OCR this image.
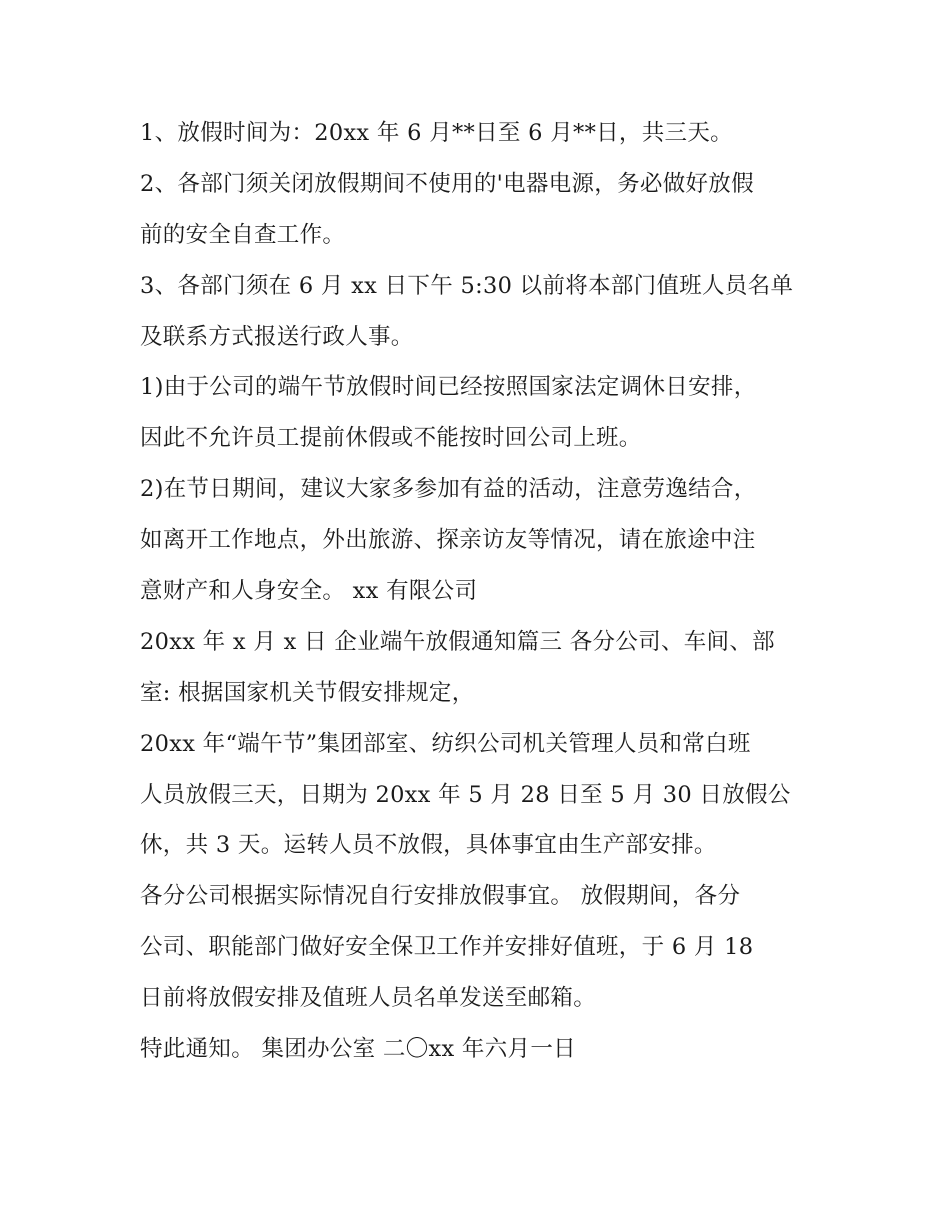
1、放假时间为：20xx 年 6 月**日至 6 月**日，共三天。
2、各部门须关闭放假期间不使用的'电器电源，务必做好放假
前的安全自查工作。
3、各部门须在 6 月 xx 日下午 5:30 以前将本部门值班人员名单
及联系方式报送行政人事。
1)由于公司的端午节放假时间已经按照国家法定调休日安排，
因此不允许员工提前休假或不能按时回公司上班。
2)在节日期间，建议大家多参加有益的活动，注意劳逸结合，
如离开工作地点，外出旅游、探亲访友等情况，请在旅途中注
意财产和人身安全。 xx 有限公司
20xx 年 x 月 x 日 企业端午放假通知篇三 各分公司、车间、部
室: 根据国家机关节假安排规定，
20xx 年“端午节”集团部室、纺织公司机关管理人员和常白班
人员放假三天，日期为 20xx 年 5 月 28 日至 5 月 30 日放假公
休，共 3 天。运转人员不放假，具体事宜由生产部安排。
各分公司根据实际情况自行安排放假事宜。 放假期间，各分
公司、职能部门做好安全保卫工作并安排好值班，于 6 月 18
日前将放假安排及值班人员名单发送至邮箱。
特此通知。 集团办公室 二〇xx 年六月一日
